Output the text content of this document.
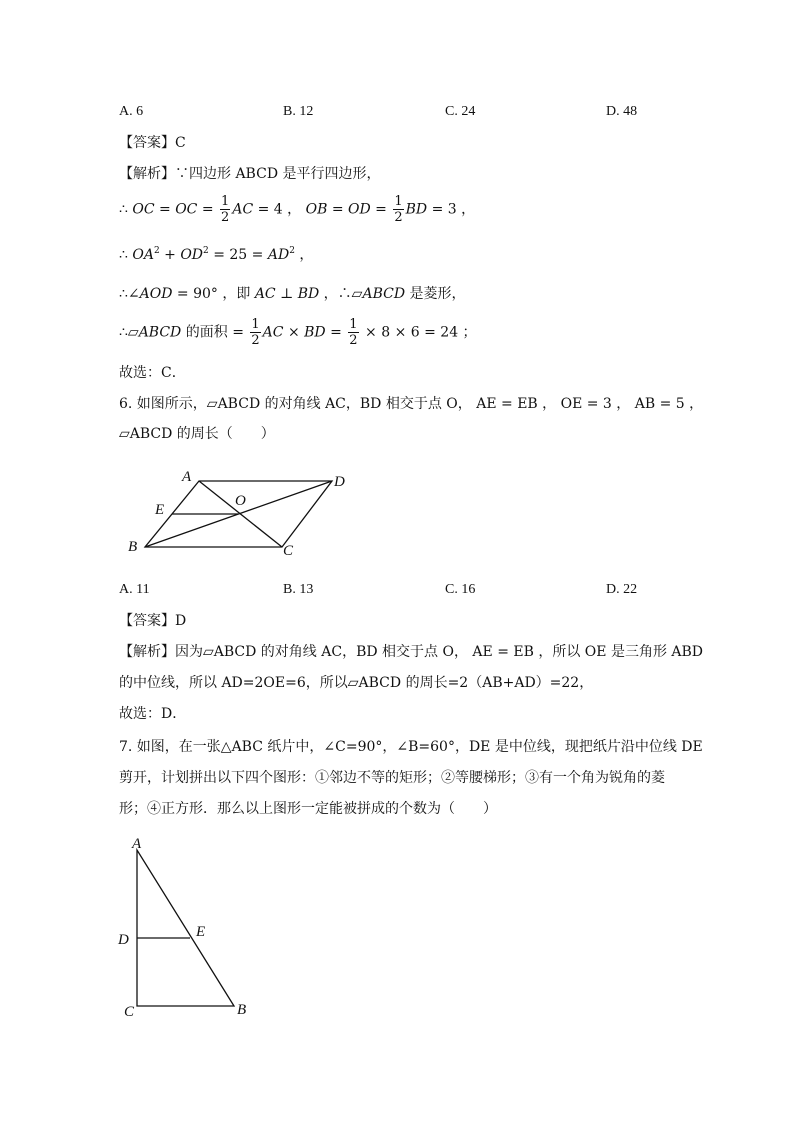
A. 6	B. 12	C. 24	D. 48
【答案】C
【解析】∵四边形 ABCD 是平行四边形，
∴ OC = OC = $\frac{1}{2}$ AC = 4 ， OB = OD = $\frac{1}{2}$ BD = 3 ，
∴ $OA^2 + OD^2 = 25 = AD^2$ ，
∴∠AOD = 90° ，即 AC ⊥ BD ，∴▱ABCD 是菱形，
∴▱ABCD 的面积 = $\frac{1}{2}$ AC × BD = $\frac{1}{2} \times 8 \times 6 = 24$ ；
故选：C．
6. 如图所示，▱ABCD 的对角线 AC，BD 相交于点 O， AE = EB ， OE = 3 ， AB = 5 ，
▱ABCD 的周长（　　）
A	D
O
E
B	C
A. 11	B. 13	C. 16	D. 22
【答案】D
【解析】因为▱ABCD 的对角线 AC，BD 相交于点 O， AE = EB ，所以 OE 是三角形 ABD
的中位线，所以 AD=2OE=6，所以▱ABCD 的周长=2（AB+AD）=22，
故选：D．
7. 如图，在一张△ABC 纸片中，∠C=90°，∠B=60°，DE 是中位线，现把纸片沿中位线 DE
剪开，计划拼出以下四个图形：①邻边不等的矩形；②等腰梯形；③有一个角为锐角的菱
形；④正方形．那么以上图形一定能被拼成的个数为（　　）
A
D	E
C	B
